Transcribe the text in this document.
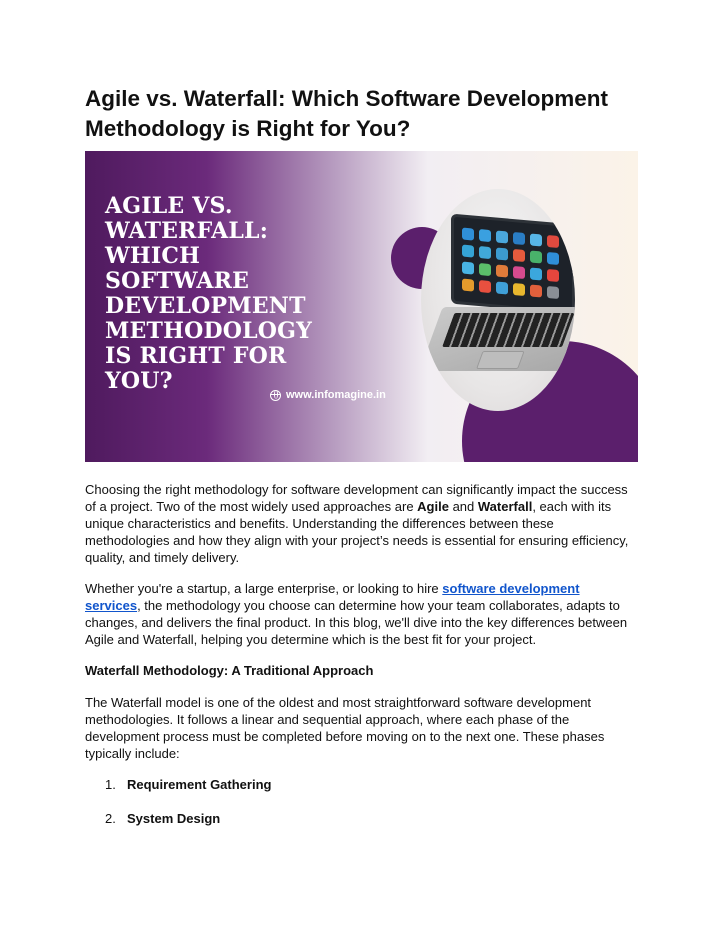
Agile vs. Waterfall: Which Software Development Methodology is Right for You?

Choosing the right methodology for software development can significantly impact the success of a project. Two of the most widely used approaches are Agile and Waterfall, each with its unique characteristics and benefits. Understanding the differences between these methodologies and how they align with your project’s needs is essential for ensuring efficiency, quality, and timely delivery.

Whether you're a startup, a large enterprise, or looking to hire software development services, the methodology you choose can determine how your team collaborates, adapts to changes, and delivers the final product. In this blog, we'll dive into the key differences between Agile and Waterfall, helping you determine which is the best fit for your project.

Waterfall Methodology: A Traditional Approach

The Waterfall model is one of the oldest and most straightforward software development methodologies. It follows a linear and sequential approach, where each phase of the development process must be completed before moving on to the next one. These phases typically include:

1. Requirement Gathering
2. System Design
AGILE VS.
WATERFALL:
WHICH
SOFTWARE
DEVELOPMENT
METHODOLOGY
IS RIGHT FOR
YOU?
www.infomagine.in
